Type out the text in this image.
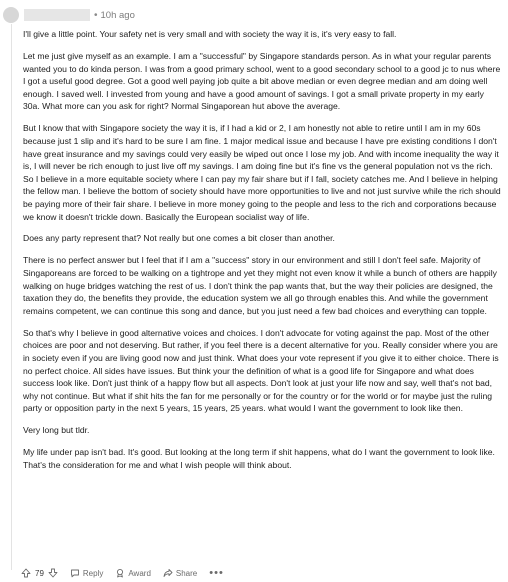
• 10h ago

I'll give a little point. Your safety net is very small and with society the way it is, it's very easy to fall.

Let me just give myself as an example. I am a "successful" by Singapore standards person. As in what your regular parents wanted you to do kinda person. I was from a good primary school, went to a good secondary school to a good jc to nus where I got a useful good degree. Got a good well paying job quite a bit above median or even degree median and am doing well enough. I saved well. I invested from young and have a good amount of savings. I got a small private property in my early 30a. What more can you ask for right? Normal Singaporean hut above the average.

But I know that with Singapore society the way it is, if I had a kid or 2, I am honestly not able to retire until I am in my 60s because just 1 slip and it's hard to be sure I am fine. 1 major medical issue and because I have pre existing conditions I don't have great insurance and my savings could very easily be wiped out once I lose my job. And with income inequality the way it is, I will never be rich enough to just live off my savings. I am doing fine but it's fine vs the general population not vs the rich. So I believe in a more equitable society where I can pay my fair share but if I fall, society catches me. And I believe in helping the fellow man. I believe the bottom of society should have more opportunities to live and not just survive while the rich should be paying more of their fair share. I believe in more money going to the people and less to the rich and corporations because we know it doesn't trickle down. Basically the European socialist way of life.

Does any party represent that? Not really but one comes a bit closer than another.

There is no perfect answer but I feel that if I am a "success" story in our environment and still I don't feel safe. Majority of Singaporeans are forced to be walking on a tightrope and yet they might not even know it while a bunch of others are happily walking on huge bridges watching the rest of us. I don't think the pap wants that, but the way their policies are designed, the taxation they do, the benefits they provide, the education system we all go through enables this. And while the government remains competent, we can continue this song and dance, but you just need a few bad choices and everything can topple.

So that's why I believe in good alternative voices and choices. I don't advocate for voting against the pap. Most of the other choices are poor and not deserving. But rather, if you feel there is a decent alternative for you. Really consider where you are in society even if you are living good now and just think. What does your vote represent if you give it to either choice. There is no perfect choice. All sides have issues. But think your the definition of what is a good life for Singapore and what does success look like. Don't just think of a happy flow but all aspects. Don't look at just your life now and say, well that's not bad, why not continue. But what if shit hits the fan for me personally or for the country or for the world or for maybe just the ruling party or opposition party in the next 5 years, 15 years, 25 years. what would I want the government to look like then.

Very long but tldr.

My life under pap isn't bad. It's good. But looking at the long term if shit happens, what do I want the government to look like. That's the consideration for me and what I wish people will think about.

79	Reply	Award	Share •••
